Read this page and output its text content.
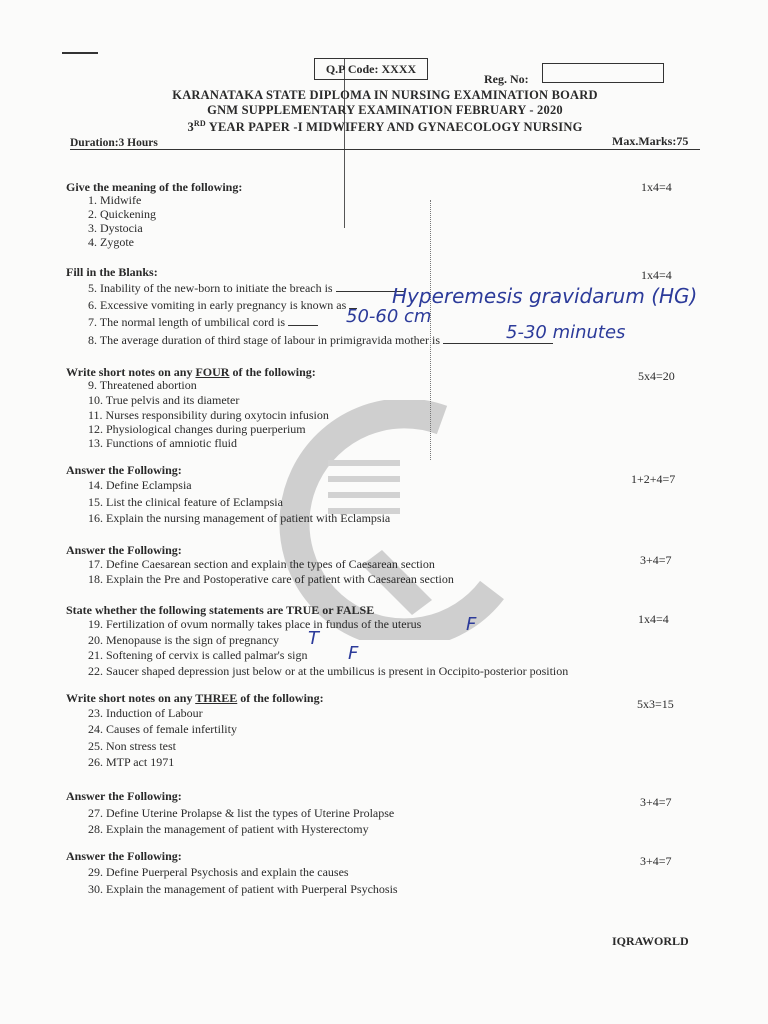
Q.P Code: XXXX
Reg. No:
KARANATAKA STATE DIPLOMA IN NURSING EXAMINATION BOARD
GNM SUPPLEMENTARY EXAMINATION FEBRUARY - 2020
3RD YEAR PAPER -I MIDWIFERY AND GYNAECOLOGY NURSING
Duration:3 Hours	Max.Marks:75
Give the meaning of the following:	1x4=4
1. Midwife
2. Quickening
3. Dystocia
4. Zygote
Fill in the Blanks:	1x4=4
5. Inability of the new-born to initiate the breach is
6. Excessive vomiting in early pregnancy is known as
7. The normal length of umbilical cord is
8. The average duration of third stage of labour in primigravida mother is
Hyperemesis gravidarum (HG)
50-60 cm
5-30 minutes
Write short notes on any FOUR of the following:	5x4=20
9. Threatened abortion
10. True pelvis and its diameter
11. Nurses responsibility during oxytocin infusion
12. Physiological changes during puerperium
13. Functions of amniotic fluid
Answer the Following:
1+2+4=7
14. Define Eclampsia
15. List the clinical feature of Eclampsia
16. Explain the nursing management of patient with Eclampsia
Answer the Following:
3+4=7
17. Define Caesarean section and explain the types of Caesarean section
18. Explain the Pre and Postoperative care of patient with Caesarean section
State whether the following statements are TRUE or FALSE
1x4=4
19. Fertilization of ovum normally takes place in fundus of the uterus
20. Menopause is the sign of pregnancy
21. Softening of cervix is called palmar's sign
22. Saucer shaped depression just below or at the umbilicus is present in Occipito-posterior position
F
T
F
Write short notes on any THREE of the following:	5x3=15
23. Induction of Labour
24. Causes of female infertility
25. Non stress test
26. MTP act 1971
Answer the Following:	3+4=7
27. Define Uterine Prolapse & list the types of Uterine Prolapse
28. Explain the management of patient with Hysterectomy
Answer the Following:	3+4=7
29. Define Puerperal Psychosis and explain the causes
30. Explain the management of patient with Puerperal Psychosis
IQRAWORLD
